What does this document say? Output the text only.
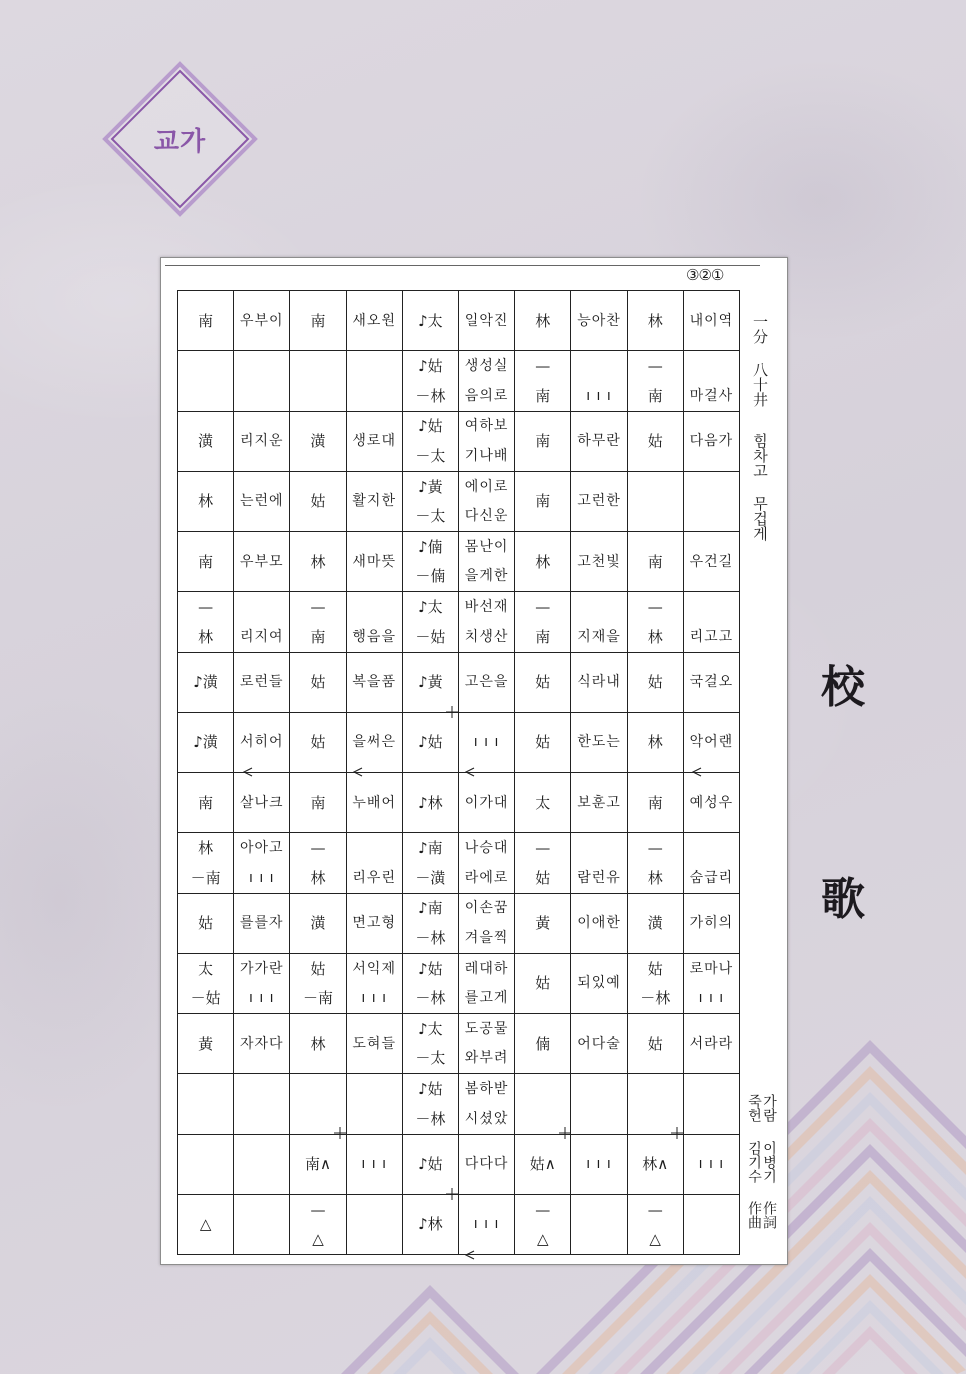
교가
③②①
南
潢
林
南
—
林
♪潢
♪潢
南
林
－南
姑
太
－姑
黃
△
우부이
리지운
는런에
우부모
리지여
로런들
서히어
살나크
아아고
ı ı ı
를를자
가가란
ı ı ı
자자다
南
潢
姑
林
—
南
姑
姑
南
—
林
潢
姑
－南
林
南∧
—
△
새오원
생로대
활지한
새마뜻
행음을
복을품
을써은
누배어
리우린
면고형
서익제
ı ı ı
도혀들
ı ı ı
♪太
♪姑
－林
♪姑
－太
♪黃
－太
♪㑲
－㑲
♪太
－姑
♪黃
♪姑
♪林
♪南
－潢
♪南
－林
♪姑
－林
♪太
－太
♪姑
－林
♪姑
♪林
일악진
생성실
음의로
여하보
기나배
에이로
다신운
몸난이
을게한
바선재
치생산
고은을
ı ı ı
이가대
나승대
라에로
이손꿈
겨을찍
레대하
를고게
도공물
와부려
봄하받
시셨았
다다다
ı ı ı
林
—
南
南
南
林
—
南
姑
姑
太
—
姑
黃
姑
㑲
姑∧
—
△
능아찬
ı ı ı
하무란
고런한
고천빛
지재을
식라내
한도는
보훈고
람런유
이애한
되있예
어다술
ı ı ı
林
—
南
姑
南
—
林
姑
林
南
—
林
潢
姑
－林
姑
林∧
—
△
내이역
마걸사
다음가
우건길
리고고
국걸오
악어랜
예성우
숨급리
가히의
로마나
ı ı ı
서라라
ı ı ı
一分 八十井
힘차고 무겁게
가람
이병기
作詞
죽헌
김기수
作曲
校
歌
